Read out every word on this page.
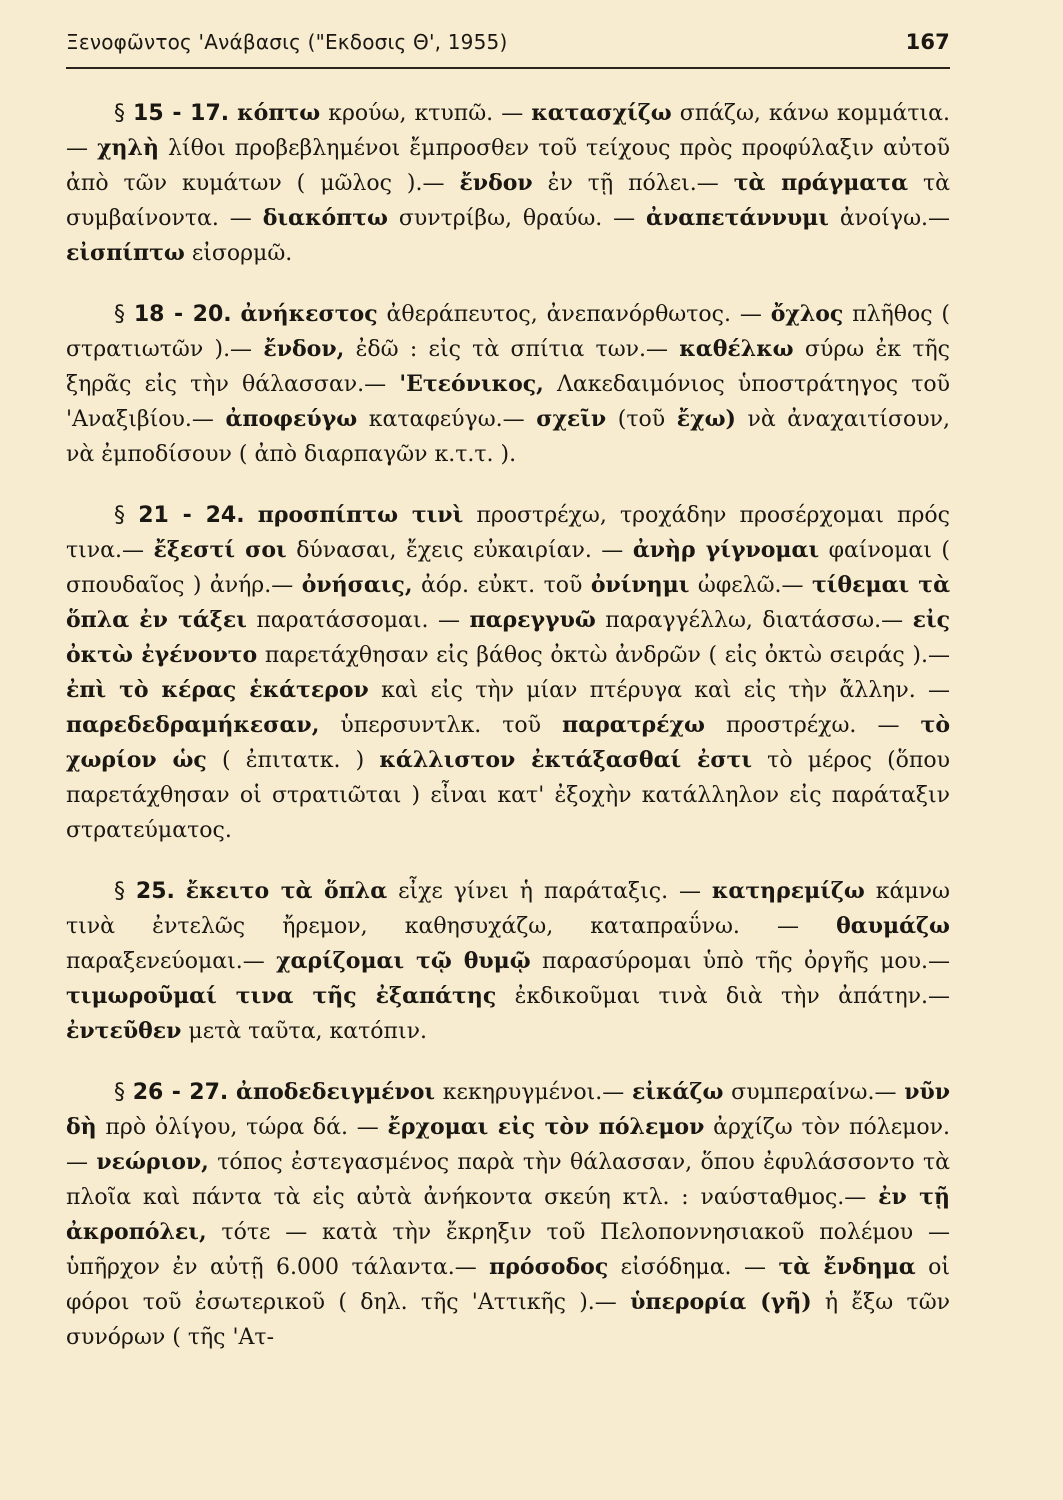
Ξενοφῶντος 'Ανάβασις ("Εκδοσις Θ', 1955)	167

§ 15 - 17. κόπτω κρούω, κτυπῶ. — κατασχίζω σπάζω, κάνω κομμάτια. — χηλὴ λίθοι προβεβλημένοι ἔμπροσθεν τοῦ τείχους πρὸς προφύλαξιν αὐτοῦ ἀπὸ τῶν κυμάτων ( μῶλος ).— ἔνδον ἐν τῇ πόλει.— τὰ πράγματα τὰ συμβαίνοντα. — διακόπτω συντρίβω, θραύω. — ἀναπετάννυμι ἀνοίγω.— εἰσπίπτω εἰσορμῶ.

§ 18 - 20. ἀνήκεστος ἀθεράπευτος, ἀνεπανόρθωτος. — ὄχλος πλῆθος ( στρατιωτῶν ).— ἔνδον, ἐδῶ : εἰς τὰ σπίτια των.— καθέλκω σύρω ἐκ τῆς ξηρᾶς εἰς τὴν θάλασσαν.— 'Ετεόνικος, Λακεδαιμόνιος ὑποστράτηγος τοῦ 'Αναξιβίου.— ἀποφεύγω καταφεύγω.— σχεῖν (τοῦ ἔχω) νὰ ἀναχαιτίσουν, νὰ ἐμποδίσουν ( ἀπὸ διαρπαγῶν κ.τ.τ. ).

§ 21 - 24. προσπίπτω τινὶ προστρέχω, τροχάδην προσέρχομαι πρός τινα.— ἔξεστί σοι δύνασαι, ἔχεις εὐκαιρίαν. — ἀνὴρ γίγνομαι φαίνομαι ( σπουδαῖος ) ἀνήρ.— ὀνήσαις, ἀόρ. εὐκτ. τοῦ ὀνίνημι ὠφελῶ.— τίθεμαι τὰ ὅπλα ἐν τάξει παρατάσσομαι. — παρεγγυῶ παραγγέλλω, διατάσσω.— εἰς ὀκτὼ ἐγένοντο παρετάχθησαν εἰς βάθος ὀκτὼ ἀνδρῶν ( εἰς ὀκτὼ σειράς ).— ἐπὶ τὸ κέρας ἑκάτερον καὶ εἰς τὴν μίαν πτέρυγα καὶ εἰς τὴν ἄλλην. — παρεδεδραμήκεσαν, ὑπερσυντλκ. τοῦ παρατρέχω προστρέχω. — τὸ χωρίον ὡς ( ἐπιτατκ. ) κάλλιστον ἐκτάξασθαί ἐστι τὸ μέρος (ὅπου παρετάχθησαν οἱ στρατιῶται ) εἶναι κατ' ἐξοχὴν κατάλληλον εἰς παράταξιν στρατεύματος.

§ 25. ἔκειτο τὰ ὅπλα εἶχε γίνει ἡ παράταξις. — κατηρεμίζω κάμνω τινὰ ἐντελῶς ἤρεμον, καθησυχάζω, καταπραΰνω. — θαυμάζω παραξενεύομαι.— χαρίζομαι τῷ θυμῷ παρασύρομαι ὑπὸ τῆς ὀργῆς μου.— τιμωροῦμαί τινα τῆς ἐξαπάτης ἐκδικοῦμαι τινὰ διὰ τὴν ἀπάτην.— ἐντεῦθεν μετὰ ταῦτα, κατόπιν.

§ 26 - 27. ἀποδεδειγμένοι κεκηρυγμένοι.— εἰκάζω συμπεραίνω.— νῦν δὴ πρὸ ὀλίγου, τώρα δά. — ἔρχομαι εἰς τὸν πόλεμον ἀρχίζω τὸν πόλεμον.— νεώριον, τόπος ἐστεγασμένος παρὰ τὴν θάλασσαν, ὅπου ἐφυλάσσοντο τὰ πλοῖα καὶ πάντα τὰ εἰς αὐτὰ ἀνήκοντα σκεύη κτλ. : ναύσταθμος.— ἐν τῇ ἀκροπόλει, τότε — κατὰ τὴν ἔκρηξιν τοῦ Πελοποννησιακοῦ πολέμου — ὑπῆρχον ἐν αὐτῇ 6.000 τάλαντα.— πρόσοδος εἰσόδημα. — τὰ ἔνδημα οἱ φόροι τοῦ ἐσωτερικοῦ ( δηλ. τῆς 'Αττικῆς ).— ὑπερορία (γῆ) ἡ ἔξω τῶν συνόρων ( τῆς 'Ατ-
